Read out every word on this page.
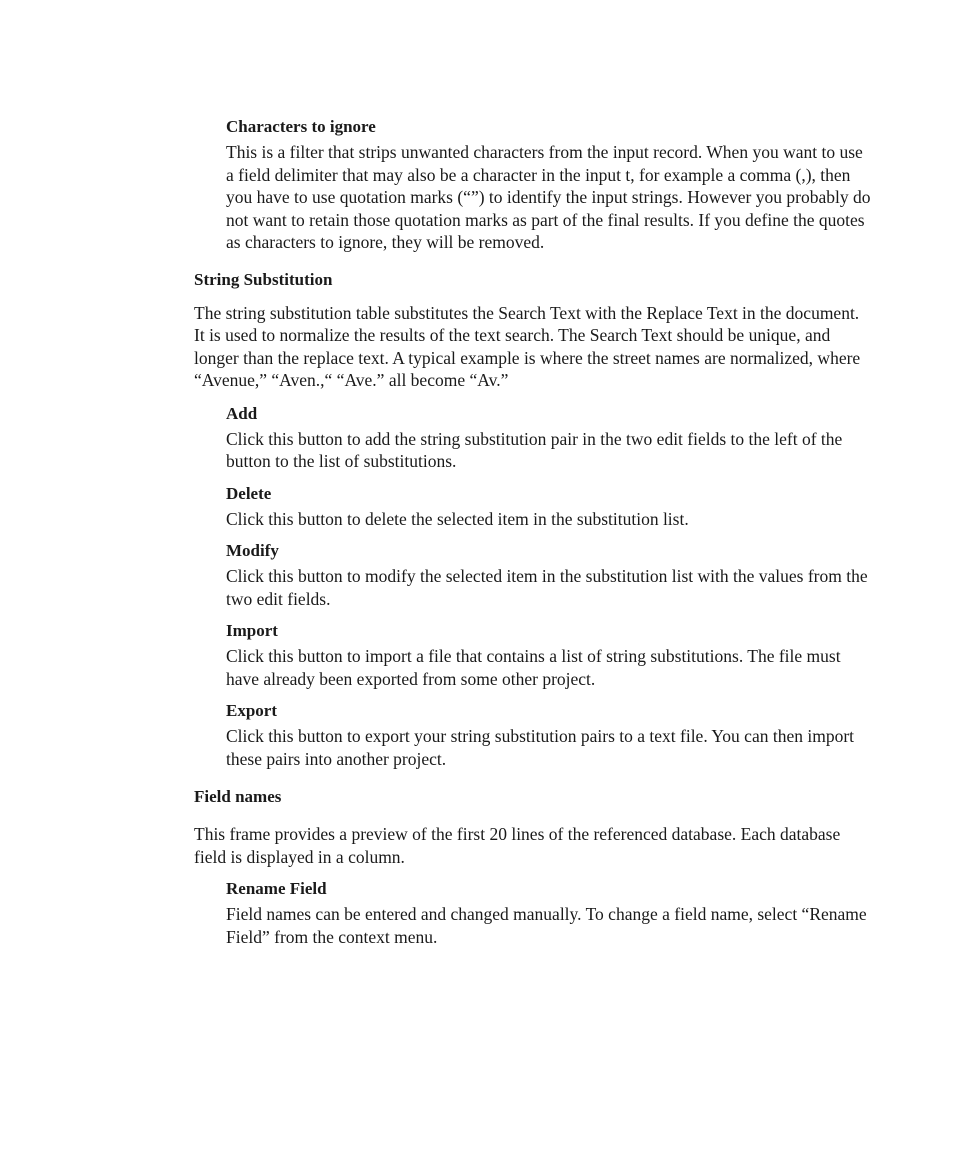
Characters to ignore

This is a filter that strips unwanted characters from the input record. When you want to use a field delimiter that may also be a character in the input t, for example a comma (,), then you have to use quotation marks (“”) to identify the input strings. However you probably do not want to retain those quotation marks as part of the final results. If you define the quotes as characters to ignore, they will be removed.

String Substitution

The string substitution table substitutes the Search Text with the Replace Text in the document. It is used to normalize the results of the text search. The Search Text should be unique, and longer than the replace text. A typical example is where the street names are normalized, where “Avenue,” “Aven.,“ “Ave.” all become “Av.”

Add

Click this button to add the string substitution pair in the two edit fields to the left of the button to the list of substitutions.

Delete

Click this button to delete the selected item in the substitution list.

Modify

Click this button to modify the selected item in the substitution list with the values from the two edit fields.

Import

Click this button to import a file that contains a list of string substitutions. The file must have already been exported from some other project.

Export

Click this button to export your string substitution pairs to a text file. You can then import these pairs into another project.

Field names

This frame provides a preview of the first 20 lines of the referenced database. Each database field is displayed in a column.

Rename Field

Field names can be entered and changed manually. To change a field name, select “Rename Field” from the context menu.
